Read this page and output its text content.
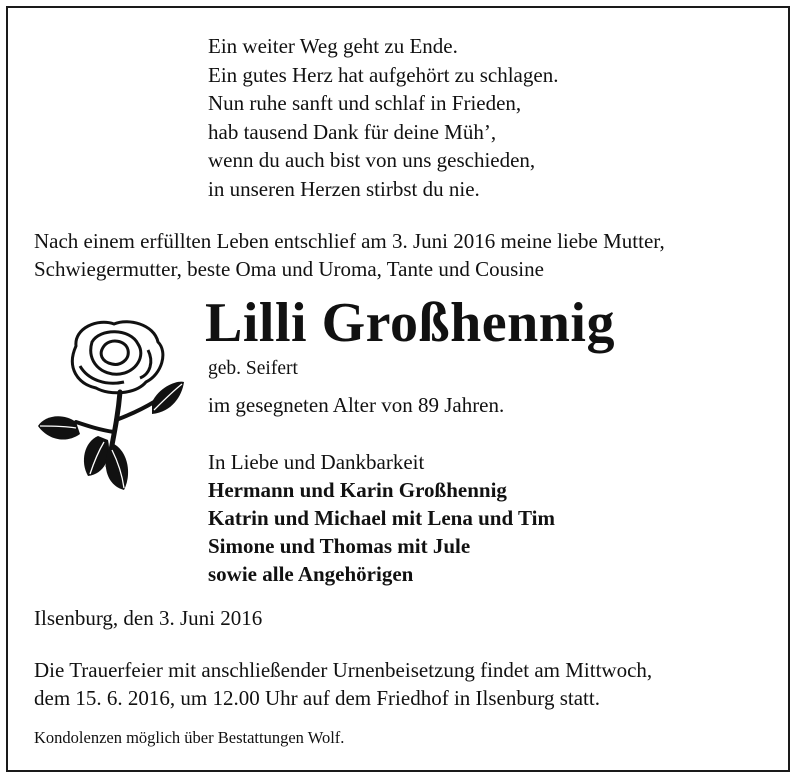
Ein weiter Weg geht zu Ende.
Ein gutes Herz hat aufgehört zu schlagen.
Nun ruhe sanft und schlaf in Frieden,
hab tausend Dank für deine Müh’,
wenn du auch bist von uns geschieden,
in unseren Herzen stirbst du nie.
Nach einem erfüllten Leben entschlief am 3. Juni 2016 meine liebe Mutter,
Schwiegermutter, beste Oma und Uroma, Tante und Cousine
Lilli Großhennig
geb. Seifert
im gesegneten Alter von 89 Jahren.
In Liebe und Dankbarkeit
Hermann und Karin Großhennig
Katrin und Michael mit Lena und Tim
Simone und Thomas mit Jule
sowie alle Angehörigen
Ilsenburg, den 3. Juni 2016
Die Trauerfeier mit anschließender Urnenbeisetzung findet am Mittwoch,
dem 15. 6. 2016, um 12.00 Uhr auf dem Friedhof in Ilsenburg statt.
Kondolenzen möglich über Bestattungen Wolf.
